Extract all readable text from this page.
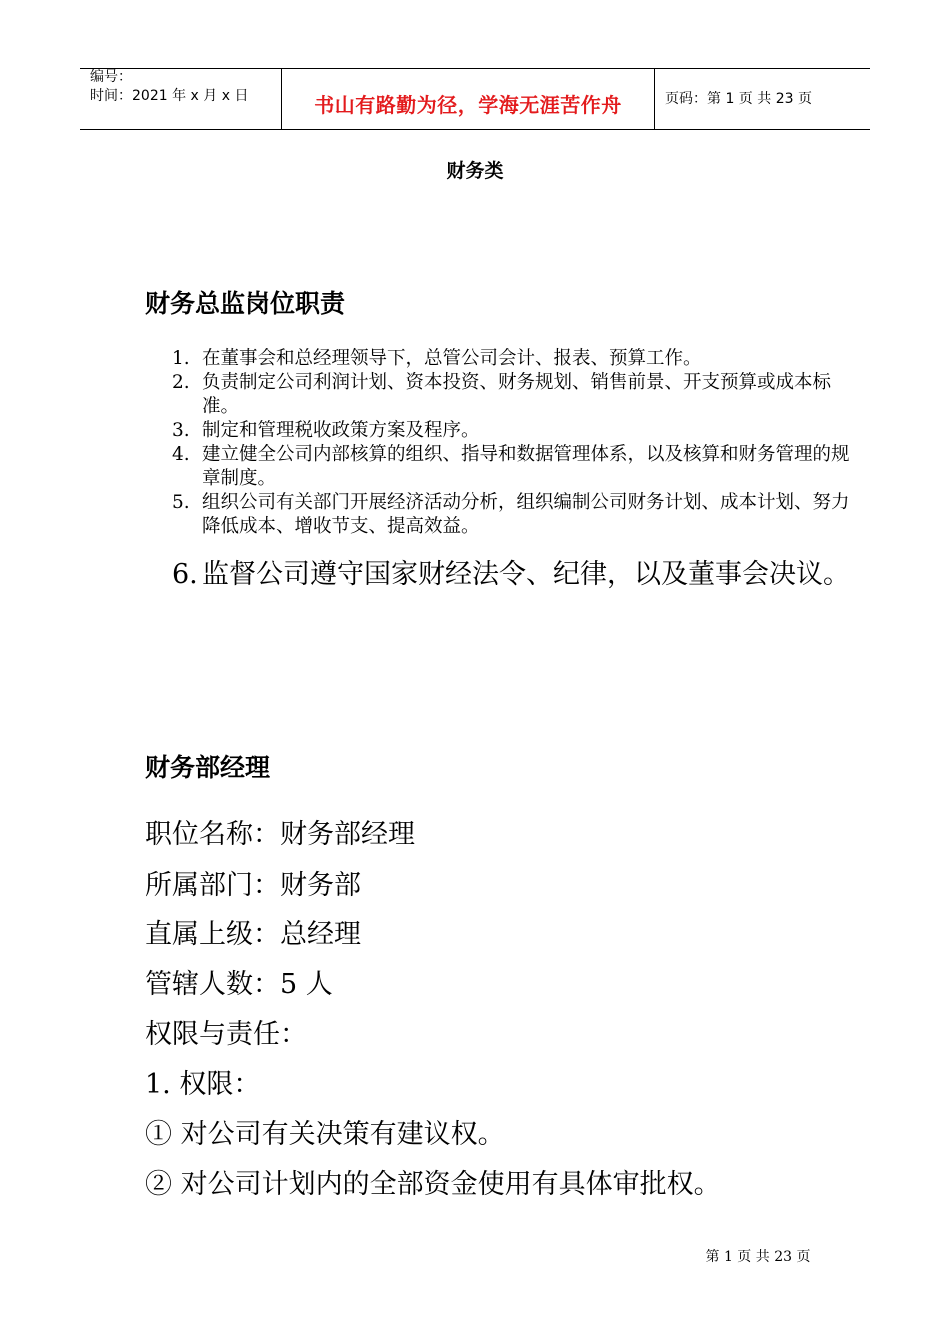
编号：
时间：2021 年 x 月 x 日	书山有路勤为径，学海无涯苦作舟	页码：第 1 页 共 23 页
财务类
财务总监岗位职责
1. 在董事会和总经理领导下，总管公司会计、报表、预算工作。
2. 负责制定公司利润计划、资本投资、财务规划、销售前景、开支预算或成本标准。
3. 制定和管理税收政策方案及程序。
4. 建立健全公司内部核算的组织、指导和数据管理体系，以及核算和财务管理的规章制度。
5. 组织公司有关部门开展经济活动分析，组织编制公司财务计划、成本计划、努力降低成本、增收节支、提高效益。
6. 监督公司遵守国家财经法令、纪律，以及董事会决议。
财务部经理
职位名称：财务部经理
所属部门：财务部
直属上级：总经理
管辖人数：5 人
权限与责任：
1. 权限：
① 对公司有关决策有建议权。
② 对公司计划内的全部资金使用有具体审批权。
第 1 页 共 23 页
